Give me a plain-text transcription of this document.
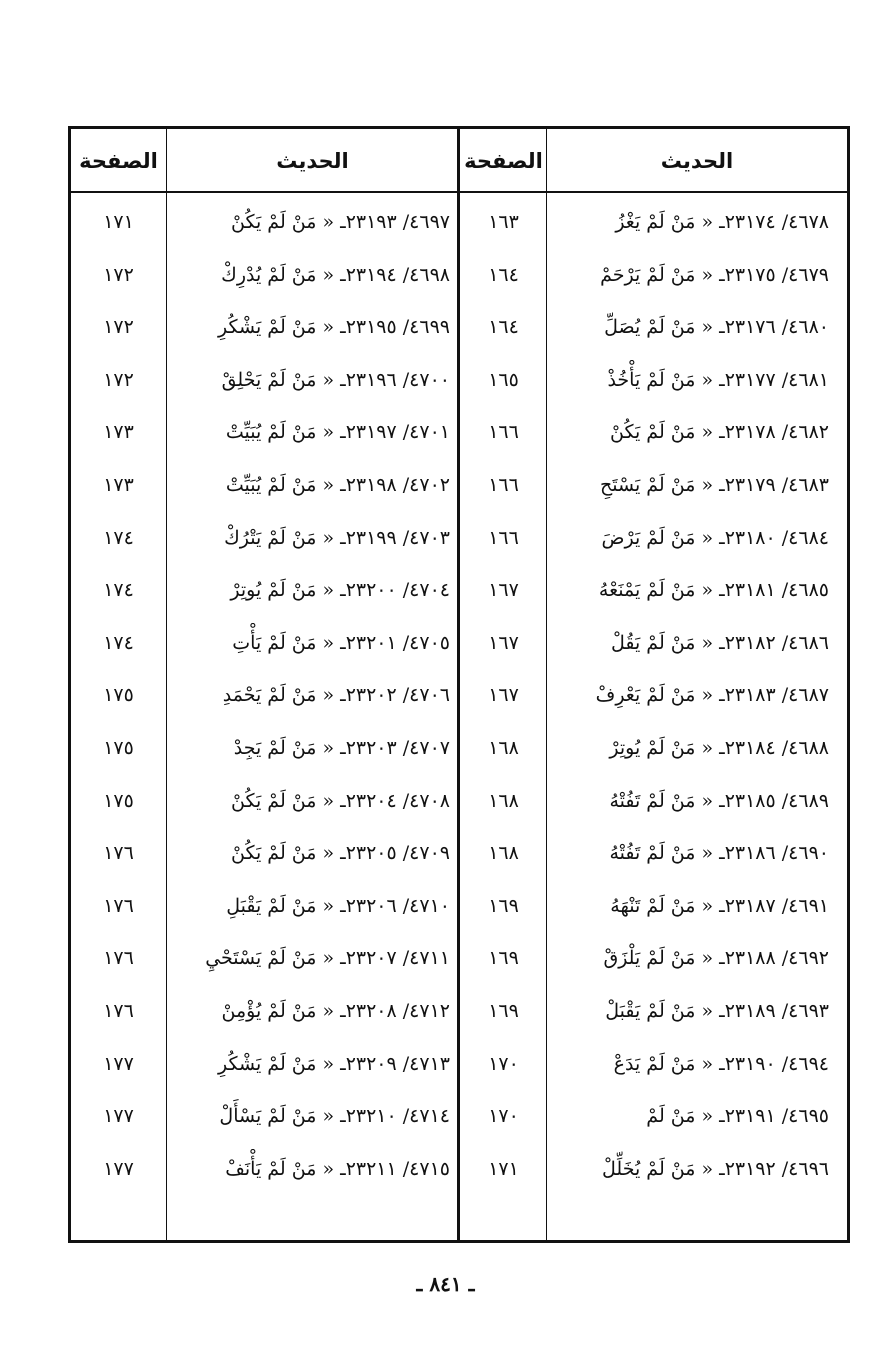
الحديث
الصفحة
الحديث
الصفحة
٤٦٧٨/ ٢٣١٧٤ـ « مَنْ لَمْ يَغْزُ
١٦٣
٤٦٩٧/ ٢٣١٩٣ـ « مَنْ لَمْ يَكُنْ
١٧١
٤٦٧٩/ ٢٣١٧٥ـ « مَنْ لَمْ يَرْحَمْ
١٦٤
٤٦٩٨/ ٢٣١٩٤ـ « مَنْ لَمْ يُدْرِكْ
١٧٢
٤٦٨٠/ ٢٣١٧٦ـ « مَنْ لَمْ يُصَلِّ
١٦٤
٤٦٩٩/ ٢٣١٩٥ـ « مَنْ لَمْ يَشْكُرِ
١٧٢
٤٦٨١/ ٢٣١٧٧ـ « مَنْ لَمْ يَأْخُذْ
١٦٥
٤٧٠٠/ ٢٣١٩٦ـ « مَنْ لَمْ يَحْلِقْ
١٧٢
٤٦٨٢/ ٢٣١٧٨ـ « مَنْ لَمْ يَكُنْ
١٦٦
٤٧٠١/ ٢٣١٩٧ـ « مَنْ لَمْ يُبَيِّتْ
١٧٣
٤٦٨٣/ ٢٣١٧٩ـ « مَنْ لَمْ يَسْتَحِ
١٦٦
٤٧٠٢/ ٢٣١٩٨ـ « مَنْ لَمْ يُبَيِّتْ
١٧٣
٤٦٨٤/ ٢٣١٨٠ـ « مَنْ لَمْ يَرْضَ
١٦٦
٤٧٠٣/ ٢٣١٩٩ـ « مَنْ لَمْ يَتْرُكْ
١٧٤
٤٦٨٥/ ٢٣١٨١ـ « مَنْ لَمْ يَمْنَعْهُ
١٦٧
٤٧٠٤/ ٢٣٢٠٠ـ « مَنْ لَمْ يُوتِرْ
١٧٤
٤٦٨٦/ ٢٣١٨٢ـ « مَنْ لَمْ يَقُلْ
١٦٧
٤٧٠٥/ ٢٣٢٠١ـ « مَنْ لَمْ يَأْتِ
١٧٤
٤٦٨٧/ ٢٣١٨٣ـ « مَنْ لَمْ يَعْرِفْ
١٦٧
٤٧٠٦/ ٢٣٢٠٢ـ « مَنْ لَمْ يَحْمَدِ
١٧٥
٤٦٨٨/ ٢٣١٨٤ـ « مَنْ لَمْ يُوتِرْ
١٦٨
٤٧٠٧/ ٢٣٢٠٣ـ « مَنْ لَمْ يَجِدْ
١٧٥
٤٦٨٩/ ٢٣١٨٥ـ « مَنْ لَمْ تَفُتْهُ
١٦٨
٤٧٠٨/ ٢٣٢٠٤ـ « مَنْ لَمْ يَكُنْ
١٧٥
٤٦٩٠/ ٢٣١٨٦ـ « مَنْ لَمْ تَفُتْهُ
١٦٨
٤٧٠٩/ ٢٣٢٠٥ـ « مَنْ لَمْ يَكُنْ
١٧٦
٤٦٩١/ ٢٣١٨٧ـ « مَنْ لَمْ تَنْهَهُ
١٦٩
٤٧١٠/ ٢٣٢٠٦ـ « مَنْ لَمْ يَقْبَلِ
١٧٦
٤٦٩٢/ ٢٣١٨٨ـ « مَنْ لَمْ يَلْزَقْ
١٦٩
٤٧١١/ ٢٣٢٠٧ـ « مَنْ لَمْ يَسْتَحْيِ
١٧٦
٤٦٩٣/ ٢٣١٨٩ـ « مَنْ لَمْ يَقْبَلْ
١٦٩
٤٧١٢/ ٢٣٢٠٨ـ « مَنْ لَمْ يُؤْمِنْ
١٧٦
٤٦٩٤/ ٢٣١٩٠ـ « مَنْ لَمْ يَدَعْ
١٧٠
٤٧١٣/ ٢٣٢٠٩ـ « مَنْ لَمْ يَشْكُرِ
١٧٧
٤٦٩٥/ ٢٣١٩١ـ « مَنْ لَمْ
١٧٠
٤٧١٤/ ٢٣٢١٠ـ « مَنْ لَمْ يَسْأَلْ
١٧٧
٤٦٩٦/ ٢٣١٩٢ـ « مَنْ لَمْ يُخَلِّلْ
١٧١
٤٧١٥/ ٢٣٢١١ـ « مَنْ لَمْ يَأْنَفْ
١٧٧
ـ ٨٤١ ـ
